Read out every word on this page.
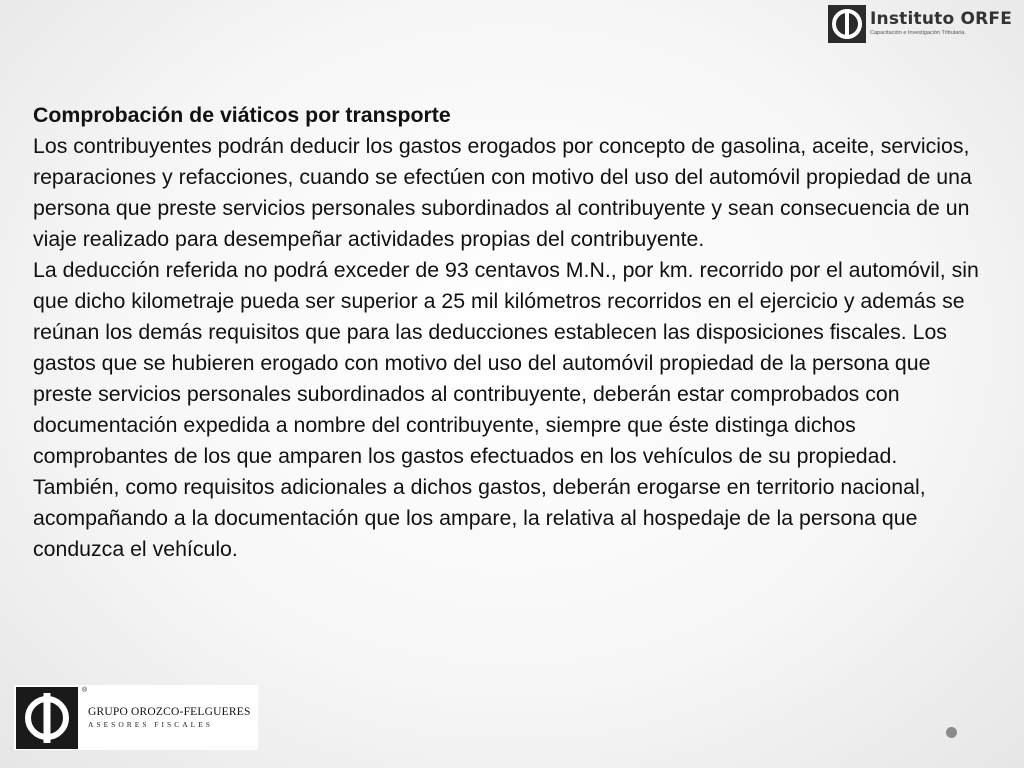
Instituto ORFE
Capacitación e Investigación Tributaria.
Comprobación de viáticos por transporte

Los contribuyentes podrán deducir los gastos erogados por concepto de gasolina, aceite, servicios, reparaciones y refacciones, cuando se efectúen con motivo del uso del automóvil propiedad de una persona que preste servicios personales subordinados al contribuyente y sean consecuencia de un viaje realizado para desempeñar actividades propias del contribuyente.

La deducción referida no podrá exceder de 93 centavos M.N., por km. recorrido por el automóvil, sin que dicho kilometraje pueda ser superior a 25 mil kilómetros recorridos en el ejercicio y además se reúnan los demás requisitos que para las deducciones establecen las disposiciones fiscales. Los gastos que se hubieren erogado con motivo del uso del automóvil propiedad de la persona que preste servicios personales subordinados al contribuyente, deberán estar comprobados con documentación expedida a nombre del contribuyente, siempre que éste distinga dichos comprobantes de los que amparen los gastos efectuados en los vehículos de su propiedad.

También, como requisitos adicionales a dichos gastos, deberán erogarse en territorio nacional, acompañando a la documentación que los ampare, la relativa al hospedaje de la persona que conduzca el vehículo.

®
GRUPO OROZCO-FELGUERES
ASESORES FISCALES
